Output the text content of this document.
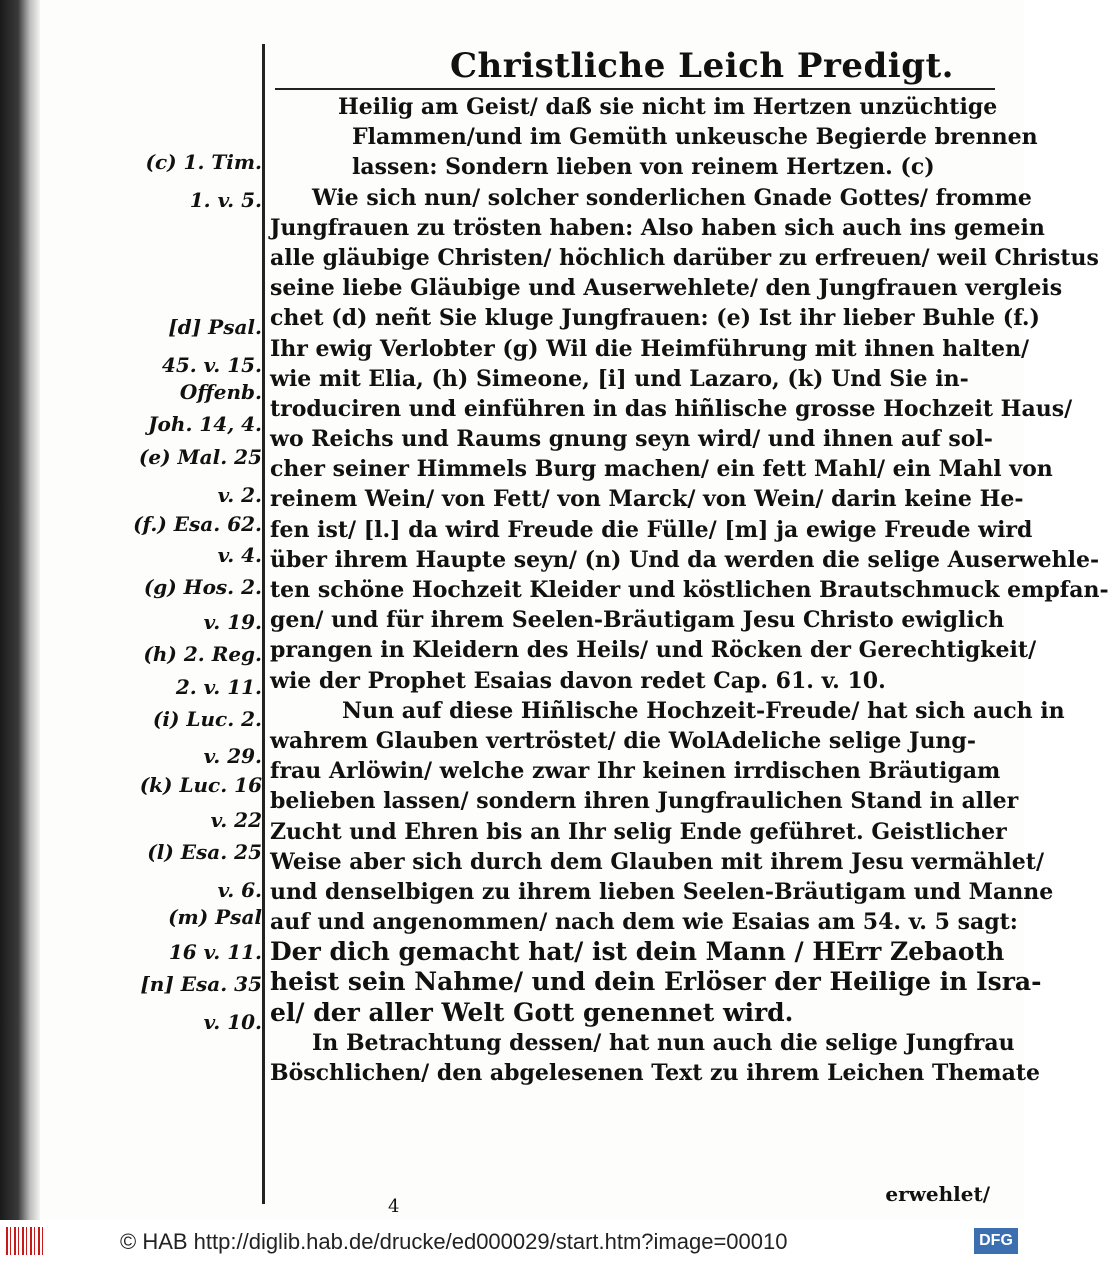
Christliche Leich Predigt.
(c) 1. Tim.
1. v. 5.
[d] Psal.
45. v. 15.
Offenb.
Joh. 14, 4.
(e) Mal. 25
v. 2.
(f.) Esa. 62.
v. 4.
(g) Hos. 2.
v. 19.
(h) 2. Reg.
2. v. 11.
(i) Luc. 2.
v. 29.
(k) Luc. 16
v. 22
(l) Esa. 25
v. 6.
(m) Psal
16 v. 11.
[n] Esa. 35
v. 10.
Heilig am Geist/ daß sie nicht im Hertzen unzüchtige
Flammen/und im Gemüth unkeusche Begierde brennen
lassen: Sondern lieben von reinem Hertzen. (c)
Wie sich nun/ solcher sonderlichen Gnade Gottes/ fromme
Jungfrauen zu trösten haben: Also haben sich auch ins gemein
alle gläubige Christen/ höchlich darüber zu erfreuen/ weil Christus
seine liebe Gläubige und Auserwehlete/ den Jungfrauen vergleis
chet (d) neñt Sie kluge Jungfrauen: (e) Ist ihr lieber Buhle (f.)
Ihr ewig Verlobter (g) Wil die Heimführung mit ihnen halten/
wie mit Elia, (h) Simeone, [i] und Lazaro, (k) Und Sie in-
troduciren und einführen in das hiñlische grosse Hochzeit Haus/
wo Reichs und Raums gnung seyn wird/ und ihnen auf sol-
cher seiner Himmels Burg machen/ ein fett Mahl/ ein Mahl von
reinem Wein/ von Fett/ von Marck/ von Wein/ darin keine He-
fen ist/ [l.] da wird Freude die Fülle/ [m] ja ewige Freude wird
über ihrem Haupte seyn/ (n) Und da werden die selige Auserwehle-
ten schöne Hochzeit Kleider und köstlichen Brautschmuck empfan-
gen/ und für ihrem Seelen-Bräutigam Jesu Christo ewiglich
prangen in Kleidern des Heils/ und Röcken der Gerechtigkeit/
wie der Prophet Esaias davon redet Cap. 61. v. 10.
Nun auf diese Hiñlische Hochzeit-Freude/ hat sich auch in
wahrem Glauben vertröstet/ die WolAdeliche selige Jung-
frau Arlöwin/ welche zwar Ihr keinen irrdischen Bräutigam
belieben lassen/ sondern ihren Jungfraulichen Stand in aller
Zucht und Ehren bis an Ihr selig Ende geführet. Geistlicher
Weise aber sich durch dem Glauben mit ihrem Jesu vermählet/
und denselbigen zu ihrem lieben Seelen-Bräutigam und Manne
auf und angenommen/ nach dem wie Esaias am 54. v. 5 sagt:
Der dich gemacht hat/ ist dein Mann / HErr Zebaoth
heist sein Nahme/ und dein Erlöser der Heilige in Isra-
el/ der aller Welt Gott genennet wird.
In Betrachtung dessen/ hat nun auch die selige Jungfrau
Böschlichen/ den abgelesenen Text zu ihrem Leichen Themate
erwehlet/
4
© HAB http://diglib.hab.de/drucke/ed000029/start.htm?image=00010	DFG
